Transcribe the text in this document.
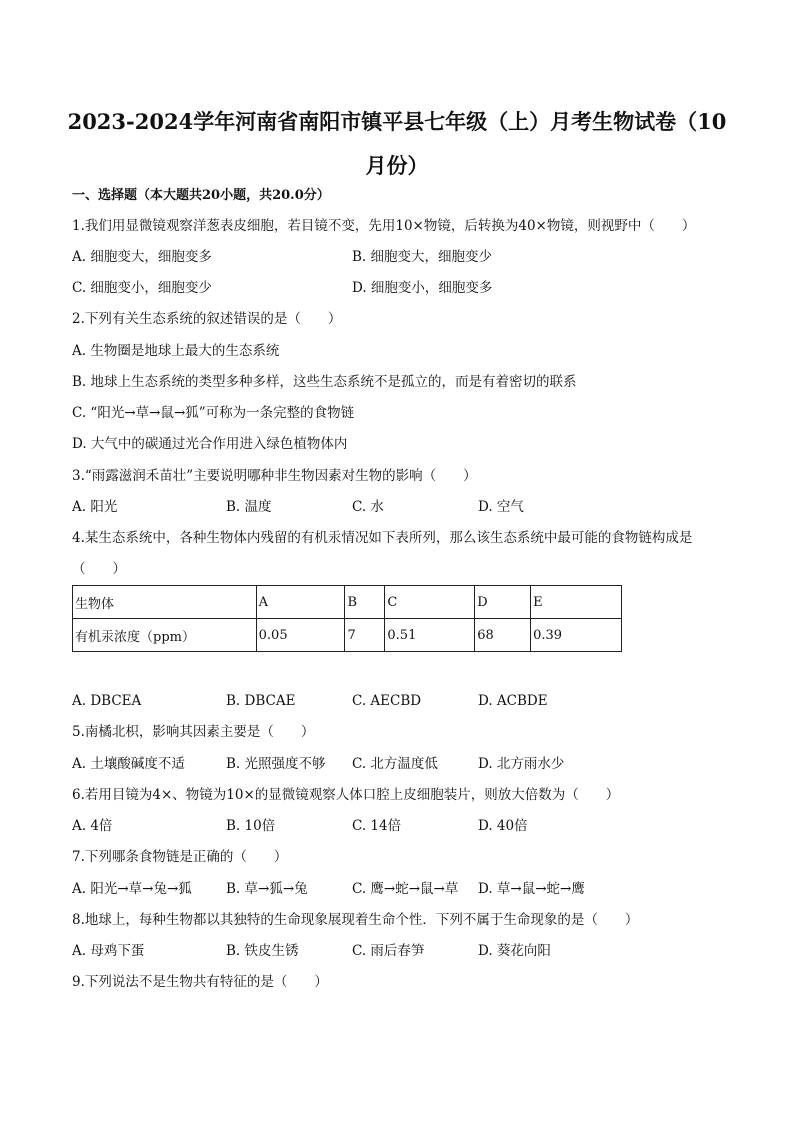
2023-2024学年河南省南阳市镇平县七年级（上）月考生物试卷（10月份）
一、选择题（本大题共20小题，共20.0分）
1.我们用显微镜观察洋葱表皮细胞，若目镜不变，先用10×物镜，后转换为40×物镜，则视野中（　　）
A. 细胞变大，细胞变多	B. 细胞变大，细胞变少
C. 细胞变小，细胞变少	D. 细胞变小，细胞变多
2.下列有关生态系统的叙述错误的是（　　）
A. 生物圈是地球上最大的生态系统
B. 地球上生态系统的类型多种多样，这些生态系统不是孤立的，而是有着密切的联系
C. “阳光→草→鼠→狐”可称为一条完整的食物链
D. 大气中的碳通过光合作用进入绿色植物体内
3.“雨露滋润禾苗壮”主要说明哪种非生物因素对生物的影响（　　）
A. 阳光	B. 温度	C. 水	D. 空气
4.某生态系统中，各种生物体内残留的有机汞情况如下表所列，那么该生态系统中最可能的食物链构成是
（　　）
生物体	A	B	C	D	E
有机汞浓度（ppm）	0.05	7	0.51	68	0.39
A. DBCEA	B. DBCAE	C. AECBD	D. ACBDE
5.南橘北枳，影响其因素主要是（　　）
A. 土壤酸碱度不适	B. 光照强度不够 C. 北方温度低	D. 北方雨水少
6.若用目镜为4×、物镜为10×的显微镜观察人体口腔上皮细胞装片，则放大倍数为（　　）
A. 4倍	B. 10倍	C. 14倍	D. 40倍
7.下列哪条食物链是正确的（　　）
A. 阳光→草→兔→狐	B. 草→狐→兔	C. 鹰→蛇→鼠→草 D. 草→鼠→蛇→鹰
8.地球上，每种生物都以其独特的生命现象展现着生命个性．下列不属于生命现象的是（　　）
A. 母鸡下蛋	B. 铁皮生锈	C. 雨后春笋	D. 葵花向阳
9.下列说法不是生物共有特征的是（　　）
